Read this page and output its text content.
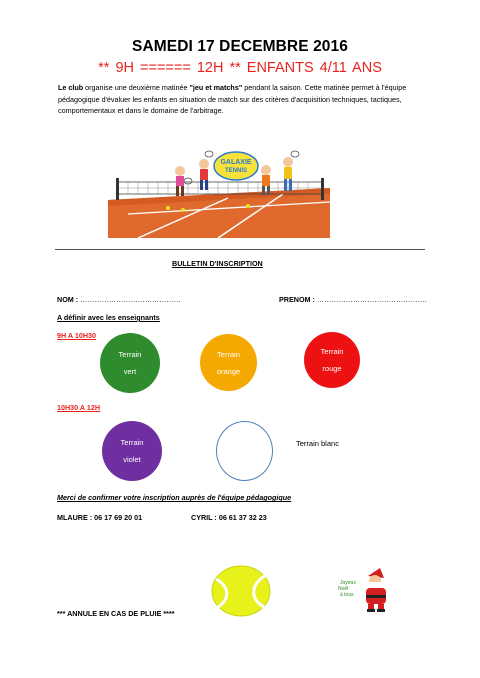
SAMEDI 17 DECEMBRE 2016
** 9H ====== 12H ** ENFANTS 4/11 ANS
Le club organise une deuxième matinée "jeu et matchs" pendant la saison. Cette matinée permet à l'équipe pédagogique d'évaluer les enfants en situation de match sur des critères d'acquisition techniques, tactiques, comportementaux et dans le domaine de l'arbitrage.
GALAXIE
TENNIS
BULLETIN D'INSCRIPTION
NOM : ……………………………………	PRENOM : ……………………………………….
A définir avec les enseignants
9H A 10H30
Terrain
vert
Terrain
orange
Terrain
rouge
10H30 A 12H
Terrain
violet
Terrain blanc
Merci de confirmer votre inscription auprès de l'équipe pédagogique
MLAURE : 06 17 69 20 01	CYRIL : 06 61 37 32 23
Joyeux
Noël
à tous
*** ANNULE EN CAS DE PLUIE ****
